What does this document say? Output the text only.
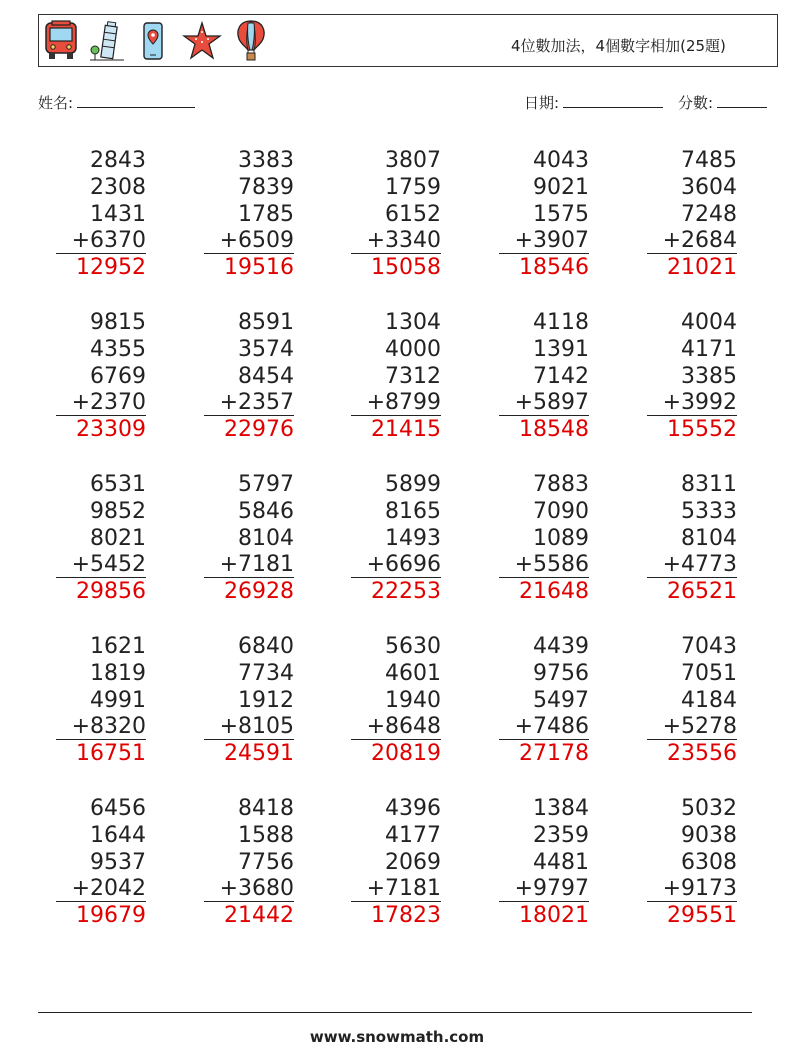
4位數加法，4個數字相加(25題)
姓名:	日期:	分數:
2843
2308
1431
+6370
12952
3383
7839
1785
+6509
19516
3807
1759
6152
+3340
15058
4043
9021
1575
+3907
18546
7485
3604
7248
+2684
21021
9815
4355
6769
+2370
23309
8591
3574
8454
+2357
22976
1304
4000
7312
+8799
21415
4118
1391
7142
+5897
18548
4004
4171
3385
+3992
15552
6531
9852
8021
+5452
29856
5797
5846
8104
+7181
26928
5899
8165
1493
+6696
22253
7883
7090
1089
+5586
21648
8311
5333
8104
+4773
26521
1621
1819
4991
+8320
16751
6840
7734
1912
+8105
24591
5630
4601
1940
+8648
20819
4439
9756
5497
+7486
27178
7043
7051
4184
+5278
23556
6456
1644
9537
+2042
19679
8418
1588
7756
+3680
21442
4396
4177
2069
+7181
17823
1384
2359
4481
+9797
18021
5032
9038
6308
+9173
29551
www.snowmath.com
